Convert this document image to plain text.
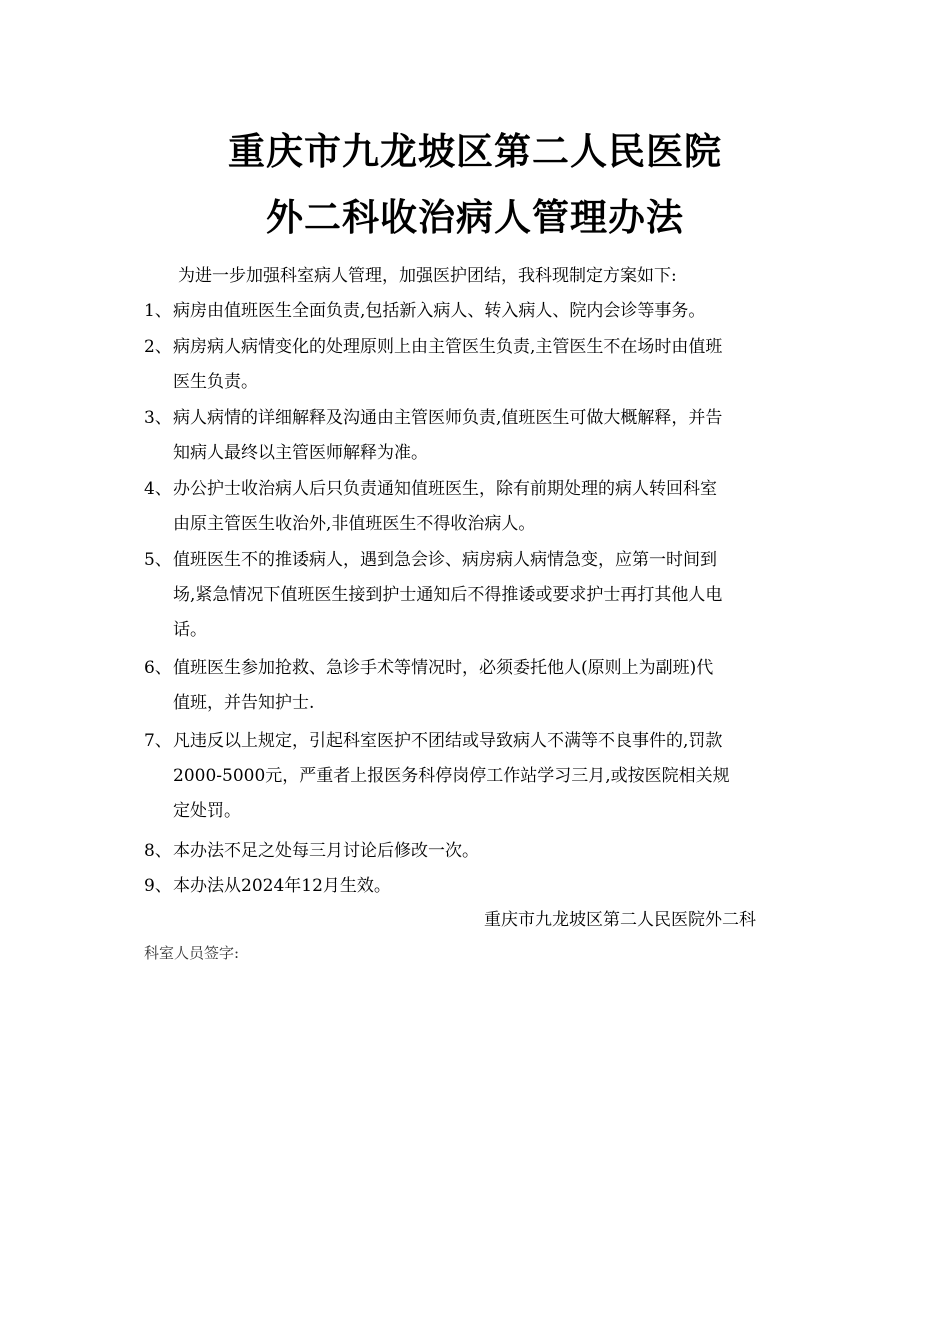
重庆市九龙坡区第二人民医院
外二科收治病人管理办法
为进一步加强科室病人管理，加强医护团结，我科现制定方案如下:
1、 病房由值班医生全面负责,包括新入病人、转入病人、院内会诊等事务。
2、 病房病人病情变化的处理原则上由主管医生负责,主管医生不在场时由值班
医生负责。
3、 病人病情的详细解释及沟通由主管医师负责,值班医生可做大概解释，并告
知病人最终以主管医师解释为准。
4、 办公护士收治病人后只负责通知值班医生，除有前期处理的病人转回科室
由原主管医生收治外,非值班医生不得收治病人。
5、 值班医生不的推诿病人，遇到急会诊、病房病人病情急变，应第一时间到
场,紧急情况下值班医生接到护士通知后不得推诿或要求护士再打其他人电
话。
6、 值班医生参加抢救、急诊手术等情况时，必须委托他人(原则上为副班)代
值班，并告知护士.
7、 凡违反以上规定，引起科室医护不团结或导致病人不满等不良事件的,罚款
2000-5000元，严重者上报医务科停岗停工作站学习三月,或按医院相关规
定处罚。
8、 本办法不足之处每三月讨论后修改一次。
9、 本办法从2024年12月生效。
重庆市九龙坡区第二人民医院外二科
科室人员签字:
